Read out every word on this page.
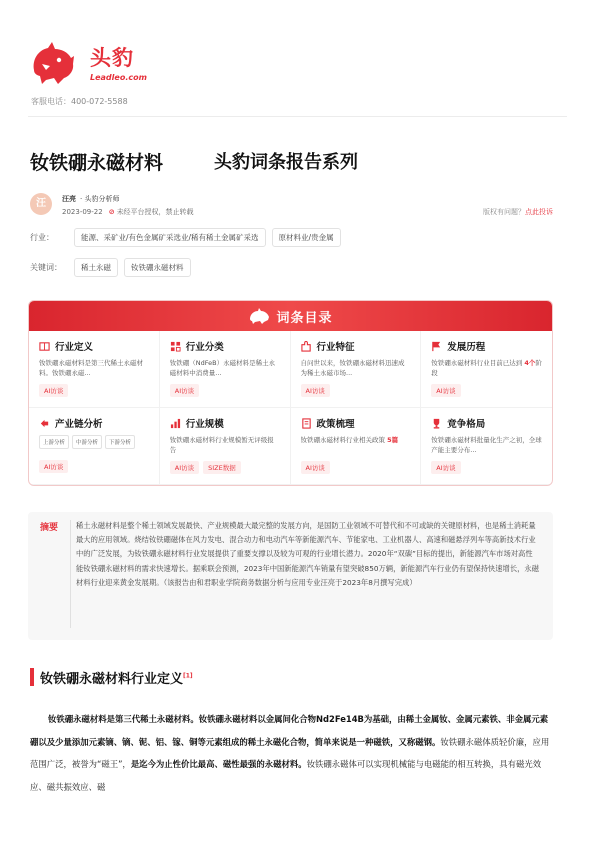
头豹
Leadleo.com
客服电话：400-072-5588
钕铁硼永磁材料	头豹词条报告系列
汪	汪亮 · 头豹分析师
2023-09-22 ⊘ 未经平台授权，禁止转载	版权有问题？点此投诉
行业：	能源、采矿业/有色金属矿采选业/稀有稀土金属矿采选	原材料业/贵金属
关键词：	稀土永磁	钕铁硼永磁材料
词条目录
行业定义
钕铁硼永磁材料是第三代稀土永磁材料。钕铁硼永磁...
AI访谈
行业分类
钕铁硼（NdFeB）永磁材料是稀土永磁材料中消费量...
AI访谈
行业特征
自问世以来，钕铁硼永磁材料迅速成为稀土永磁市场...
AI访谈
发展历程
钕铁硼永磁材料行业目前已达到 4个阶段
AI访谈
产业链分析
上游分析	中游分析	下游分析
AI访谈
行业规模
钕铁硼永磁材料行业规模暂无评级报告
AI访谈 SIZE数据
政策梳理
钕铁硼永磁材料行业相关政策 5篇
AI访谈
竞争格局
钕铁硼永磁材料批量化生产之初，全球产能主要分布...
AI访谈
摘要 稀土永磁材料是整个稀土领域发展最快、产业规模最大最完整的发展方向，是国防工业领域不可替代和不可或缺的关键原材料，也是稀土消耗量最大的应用领域。烧结钕铁硼磁体在风力发电、混合动力和电动汽车等新能源汽车、节能家电、工业机器人、高速和磁悬浮列车等高新技术行业中的广泛发展，为钕铁硼永磁材料行业发展提供了重要支撑以及较为可观的行业增长潜力。2020年“双碳”目标的提出，新能源汽车市场对高性能钕铁硼永磁材料的需求快速增长。据乘联会预测，2023年中国新能源汽车销量有望突破850万辆，新能源汽车行业仍有望保持快速增长，永磁材料行业迎来黄金发展期。（该报告由和君职业学院商务数据分析与应用专业汪亮于2023年8月撰写完成）
钕铁硼永磁材料行业定义[1]
钕铁硼永磁材料是第三代稀土永磁材料。钕铁硼永磁材料以金属间化合物Nd2Fe14B为基础，由稀土金属钕、金属元素铁、非金属元素硼以及少量添加元素镝、镝、铌、铝、镓、铜等元素组成的稀土永磁化合物，简单来说是一种磁铁，又称磁钢。钕铁硼永磁体质轻价廉，应用范围广泛，被誉为“磁王”，是迄今为止性价比最高、磁性最强的永磁材料。钕铁硼永磁体可以实现机械能与电磁能的相互转换，具有磁光效应、磁共振效应、磁
